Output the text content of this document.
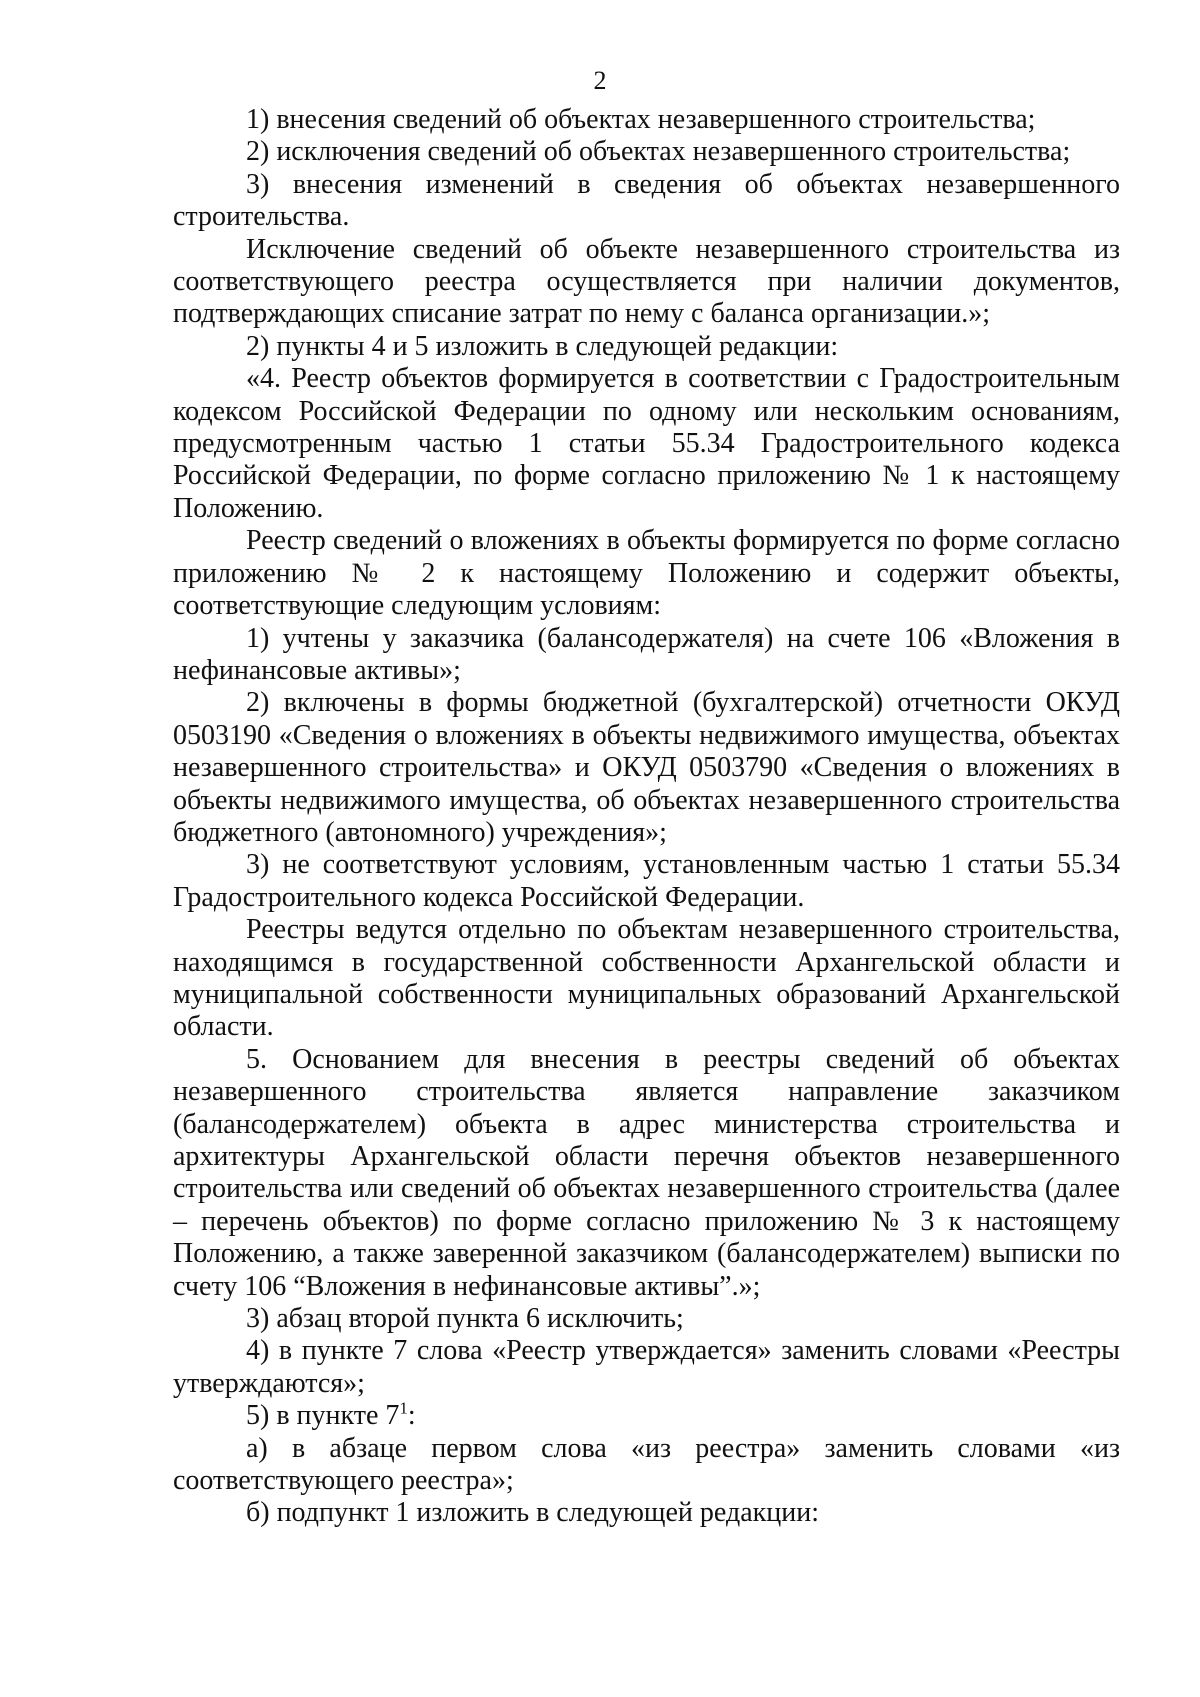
2

1) внесения сведений об объектах незавершенного строительства;

2) исключения сведений об объектах незавершенного строительства;

3) внесения изменений в сведения об объектах незавершенного строительства.

Исключение сведений об объекте незавершенного строительства из соответствующего реестра осуществляется при наличии документов, подтверждающих списание затрат по нему с баланса организации.»;

2) пункты 4 и 5 изложить в следующей редакции:

«4. Реестр объектов формируется в соответствии с Градостроительным кодексом Российской Федерации по одному или нескольким основаниям, предусмотренным частью 1 статьи 55.34 Градостроительного кодекса Российской Федерации, по форме согласно приложению № 1 к настоящему Положению.

Реестр сведений о вложениях в объекты формируется по форме согласно приложению № 2 к настоящему Положению и содержит объекты, соответствующие следующим условиям:

1) учтены у заказчика (балансодержателя) на счете 106 «Вложения в нефинансовые активы»;

2) включены в формы бюджетной (бухгалтерской) отчетности ОКУД 0503190 «Сведения о вложениях в объекты недвижимого имущества, объектах незавершенного строительства» и ОКУД 0503790 «Сведения о вложениях в объекты недвижимого имущества, об объектах незавершенного строительства бюджетного (автономного) учреждения»;

3) не соответствуют условиям, установленным частью 1 статьи 55.34 Градостроительного кодекса Российской Федерации.

Реестры ведутся отдельно по объектам незавершенного строительства, находящимся в государственной собственности Архангельской области и муниципальной собственности муниципальных образований Архангельской области.

5. Основанием для внесения в реестры сведений об объектах незавершенного строительства является направление заказчиком (балансодержателем) объекта в адрес министерства строительства и архитектуры Архангельской области перечня объектов незавершенного строительства или сведений об объектах незавершенного строительства (далее – перечень объектов) по форме согласно приложению № 3 к настоящему Положению, а также заверенной заказчиком (балансодержателем) выписки по счету 106 “Вложения в нефинансовые активы”.»;

3) абзац второй пункта 6 исключить;

4) в пункте 7 слова «Реестр утверждается» заменить словами «Реестры утверждаются»;

5) в пункте $7^1$:

а) в абзаце первом слова «из реестра» заменить словами «из соответствующего реестра»;

б) подпункт 1 изложить в следующей редакции:
